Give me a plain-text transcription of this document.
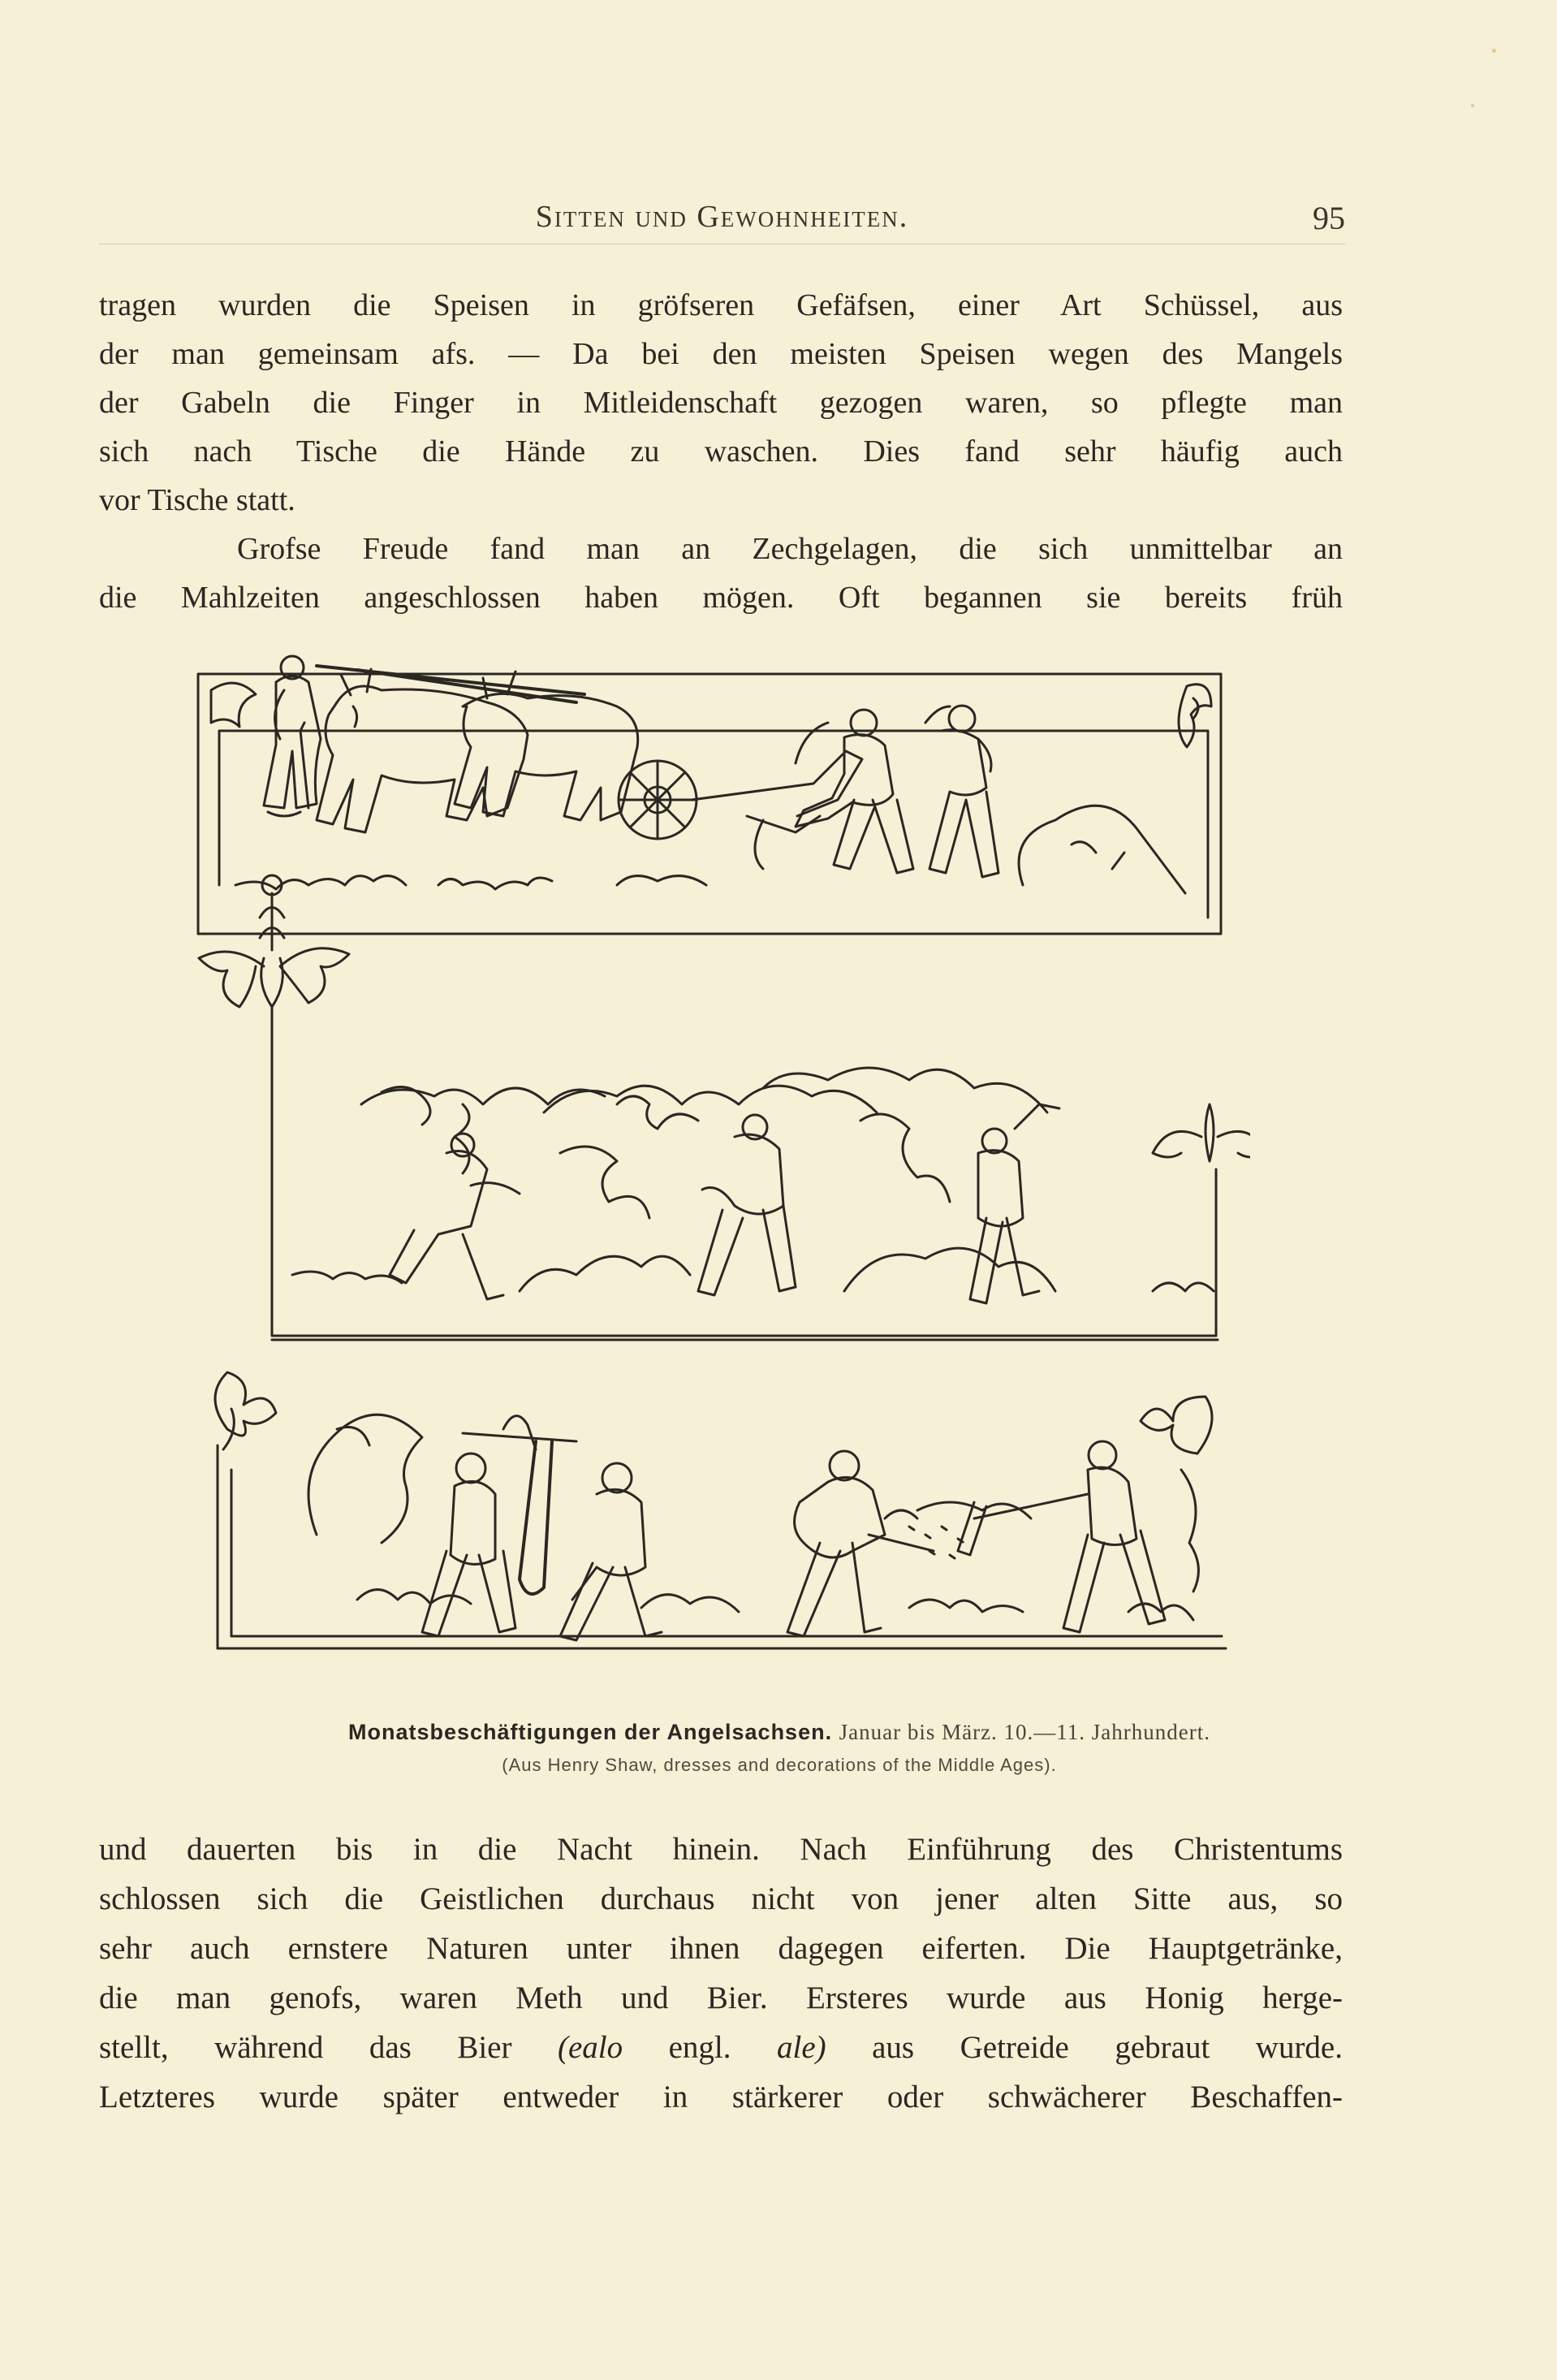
Sitten und Gewohnheiten.	95
tragen wurden die Speisen in gröfseren Gefäfsen, einer Art Schüssel, aus
der man gemeinsam afs. — Da bei den meisten Speisen wegen des Mangels
der Gabeln die Finger in Mitleidenschaft gezogen waren, so pflegte man
sich nach Tische die Hände zu waschen. Dies fand sehr häufig auch
vor Tische statt.
Grofse Freude fand man an Zechgelagen, die sich unmittelbar an
die Mahlzeiten angeschlossen haben mögen. Oft begannen sie bereits früh
Monatsbeschäftigungen der Angelsachsen. Januar bis März. 10.—11. Jahrhundert.
(Aus Henry Shaw, dresses and decorations of the Middle Ages).
und dauerten bis in die Nacht hinein. Nach Einführung des Christentums
schlossen sich die Geistlichen durchaus nicht von jener alten Sitte aus, so
sehr auch ernstere Naturen unter ihnen dagegen eiferten. Die Hauptgetränke,
die man genofs, waren Meth und Bier. Ersteres wurde aus Honig herge-
stellt, während das Bier (ealo engl. ale) aus Getreide gebraut wurde.
Letzteres wurde später entweder in stärkerer oder schwächerer Beschaffen-
